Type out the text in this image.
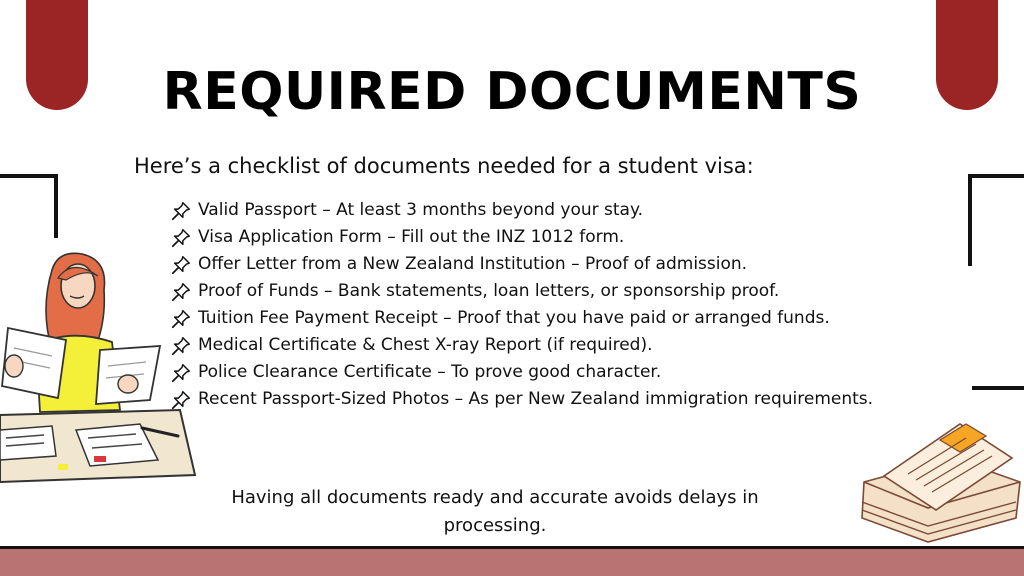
REQUIRED DOCUMENTS
Here’s a checklist of documents needed for a student visa:
Valid Passport – At least 3 months beyond your stay.
Visa Application Form – Fill out the INZ 1012 form.
Offer Letter from a New Zealand Institution – Proof of admission.
Proof of Funds – Bank statements, loan letters, or sponsorship proof.
Tuition Fee Payment Receipt – Proof that you have paid or arranged funds.
Medical Certificate & Chest X-ray Report (if required).
Police Clearance Certificate – To prove good character.
Recent Passport-Sized Photos – As per New Zealand immigration requirements.
Having all documents ready and accurate avoids delays in processing.
